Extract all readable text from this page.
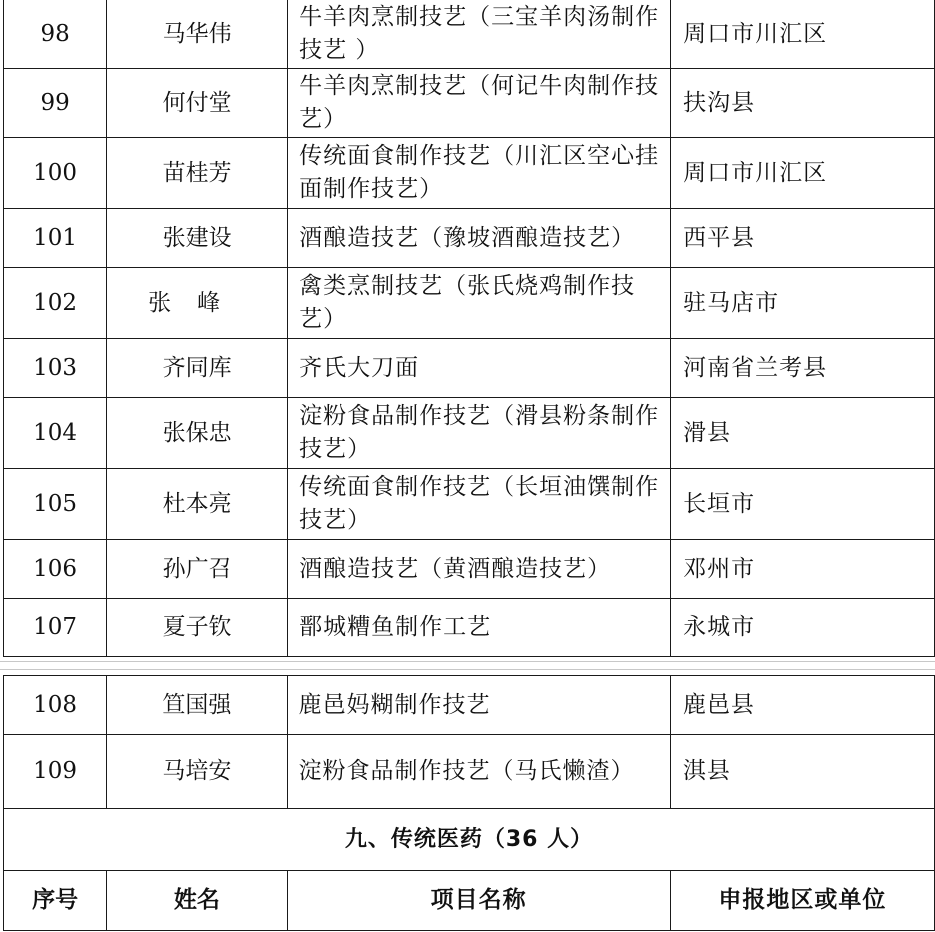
98	马华伟	牛羊肉烹制技艺（三宝羊肉汤制作技艺 ）	周口市川汇区
99	何付堂	牛羊肉烹制技艺（何记牛肉制作技艺）	扶沟县
100	苗桂芳	传统面食制作技艺（川汇区空心挂面制作技艺）	周口市川汇区
101	张建设	酒酿造技艺（豫坡酒酿造技艺）	西平县
102	张峰	禽类烹制技艺（张氏烧鸡制作技艺）	驻马店市
103	齐同库	齐氏大刀面	河南省兰考县
104	张保忠	淀粉食品制作技艺（滑县粉条制作技艺）	滑县
105	杜本亮	传统面食制作技艺（长垣油馔制作技艺）	长垣市
106	孙广召	酒酿造技艺（黄酒酿造技艺）	邓州市
107	夏子钦	鄑城糟鱼制作工艺	永城市
108	笪国强	鹿邑妈糊制作技艺	鹿邑县
109	马培安	淀粉食品制作技艺（马氏懒渣）	淇县
九、传统医药（36 人）			
序号	姓名	项目名称	申报地区或单位
